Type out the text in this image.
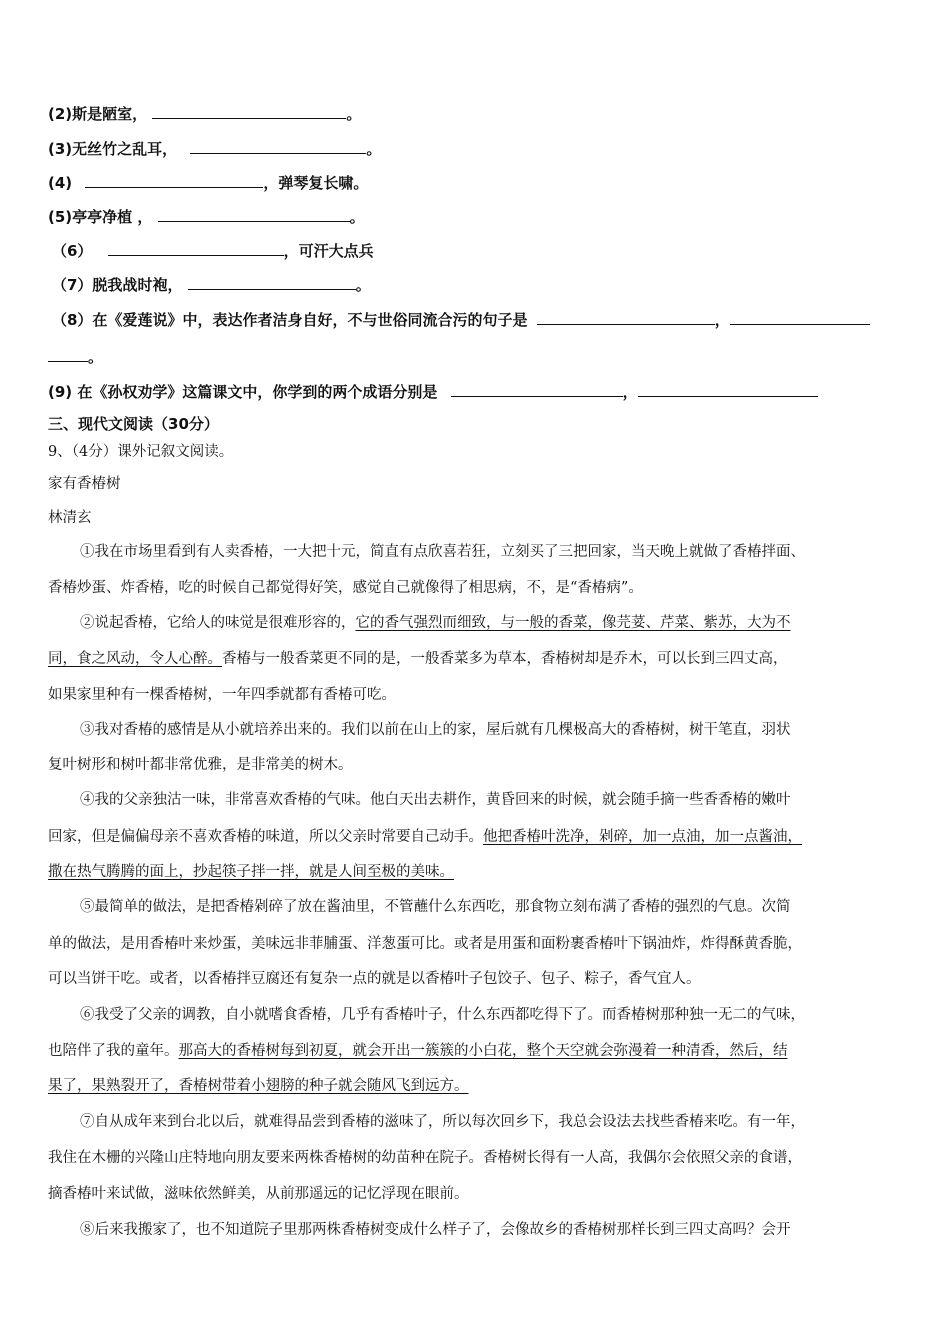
(2)斯是陋室，	。
(3)无丝竹之乱耳，	。
(4)	，弹琴复长啸。
(5)亭亭净植 ，	。
（6）	，可汗大点兵
（7）脱我战时袍，	。
（8）在《爱莲说》中，表达作者洁身自好，不与世俗同流合污的句子是	，
。
(9) 在《孙权劝学》这篇课文中，你学到的两个成语分别是	，
三、现代文阅读（30分）
9、（4分）课外记叙文阅读。
家有香椿树
林清玄
①我在市场里看到有人卖香椿，一大把十元，简直有点欣喜若狂，立刻买了三把回家，当天晚上就做了香椿拌面、
香椿炒蛋、炸香椿，吃的时候自己都觉得好笑，感觉自己就像得了相思病，不，是“香椿病”。
②说起香椿，它给人的味觉是很难形容的，它的香气强烈而细致，与一般的香菜，像芫荽、芹菜、紫苏，大为不
同，食之风动，令人心醉。香椿与一般香菜更不同的是，一般香菜多为草本，香椿树却是乔木，可以长到三四丈高，
如果家里种有一棵香椿树，一年四季就都有香椿可吃。
③我对香椿的感情是从小就培养出来的。我们以前在山上的家，屋后就有几棵极高大的香椿树，树干笔直，羽状
复叶树形和树叶都非常优雅，是非常美的树木。
④我的父亲独沽一味，非常喜欢香椿的气味。他白天出去耕作，黄昏回来的时候，就会随手摘一些香香椿的嫩叶
回家，但是偏偏母亲不喜欢香椿的味道，所以父亲时常要自己动手。他把香椿叶洗净，剁碎，加一点油，加一点酱油，
撒在热气腾腾的面上，抄起筷子拌一拌，就是人间至极的美味。
⑤最简单的做法，是把香椿剁碎了放在酱油里，不管蘸什么东西吃，那食物立刻布满了香椿的强烈的气息。次简
单的做法，是用香椿叶来炒蛋，美味远非菲脯蛋、洋葱蛋可比。或者是用蛋和面粉裹香椿叶下锅油炸，炸得酥黄香脆，
可以当饼干吃。或者，以香椿拌豆腐还有复杂一点的就是以香椿叶子包饺子、包子、粽子，香气宜人。
⑥我受了父亲的调教，自小就嗜食香椿，几乎有香椿叶子，什么东西都吃得下了。而香椿树那种独一无二的气味，
也陪伴了我的童年。那高大的香椿树每到初夏，就会开出一簇簇的小白花，整个天空就会弥漫着一种清香，然后，结
果了，果熟裂开了，香椿树带着小翅膀的种子就会随风飞到远方。
⑦自从成年来到台北以后，就难得品尝到香椿的滋味了，所以每次回乡下，我总会设法去找些香椿来吃。有一年，
我住在木栅的兴隆山庄特地向朋友要来两株香椿树的幼苗种在院子。香椿树长得有一人高，我偶尔会依照父亲的食谱，
摘香椿叶来试做，滋味依然鲜美，从前那遥远的记忆浮现在眼前。
⑧后来我搬家了，也不知道院子里那两株香椿树变成什么样子了，会像故乡的香椿树那样长到三四丈高吗？会开
